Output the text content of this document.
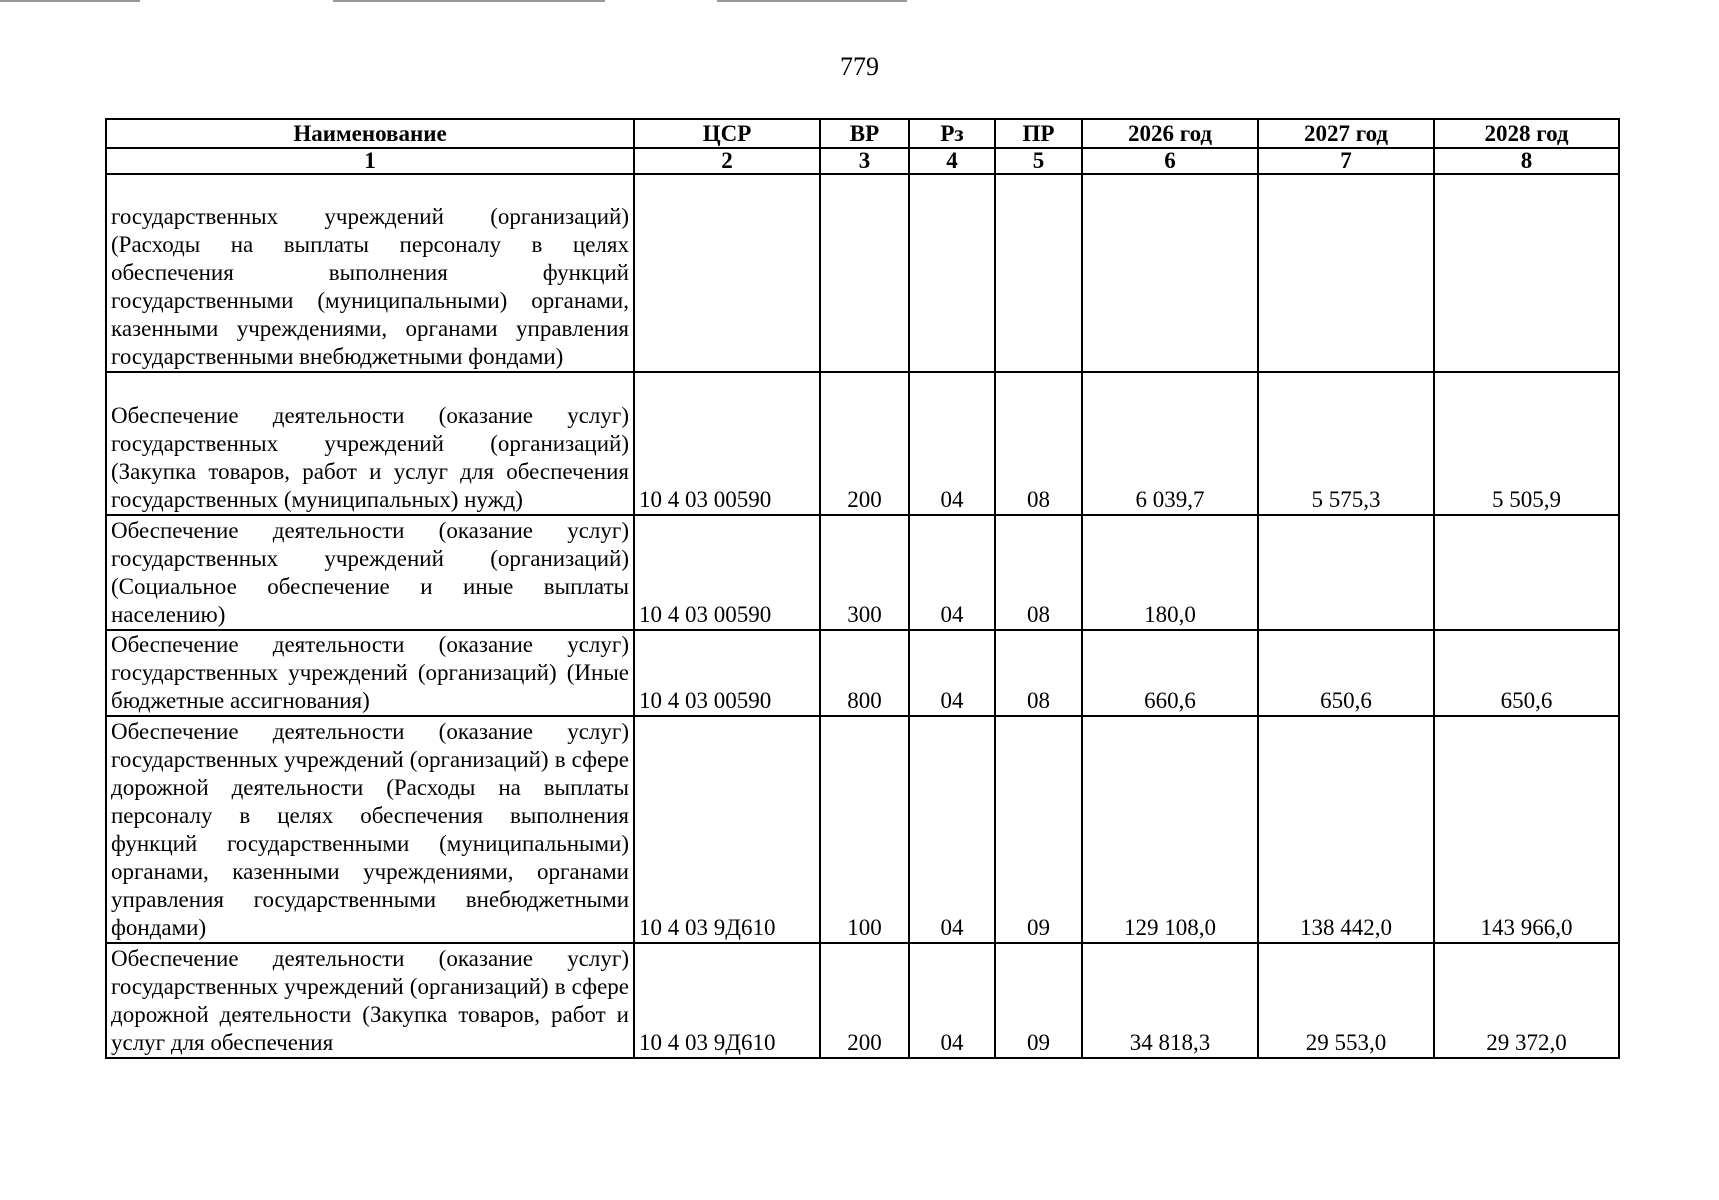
779
Наименование	ЦСР	ВР	Рз	ПР	2026 год	2027 год	2028 год
1	2	3	4	5	6	7	8
государственных учреждений (организаций) (Расходы на выплаты персоналу в целях обеспечения выполнения функций государственными (муниципальными) органами, казенными учреждениями, органами управления государственными внебюджетными фондами)							
Обеспечение деятельности (оказание услуг) государственных учреждений (организаций) (Закупка товаров, работ и услуг для обеспечения государственных (муниципальных) нужд)	10 4 03 00590	200	04	08	6 039,7	5 575,3	5 505,9
Обеспечение деятельности (оказание услуг) государственных учреждений (организаций) (Социальное обеспечение и иные выплаты населению)	10 4 03 00590	300	04	08	180,0		
Обеспечение деятельности (оказание услуг) государственных учреждений (организаций) (Иные бюджетные ассигнования)	10 4 03 00590	800	04	08	660,6	650,6	650,6
Обеспечение деятельности (оказание услуг) государственных учреждений (организаций) в сфере дорожной деятельности (Расходы на выплаты персоналу в целях обеспечения выполнения функций государственными (муниципальными) органами, казенными учреждениями, органами управления государственными внебюджетными фондами)	10 4 03 9Д610	100	04	09	129 108,0	138 442,0	143 966,0
Обеспечение деятельности (оказание услуг) государственных учреждений (организаций) в сфере дорожной деятельности (Закупка товаров, работ и услуг для обеспечения	10 4 03 9Д610	200	04	09	34 818,3	29 553,0	29 372,0
